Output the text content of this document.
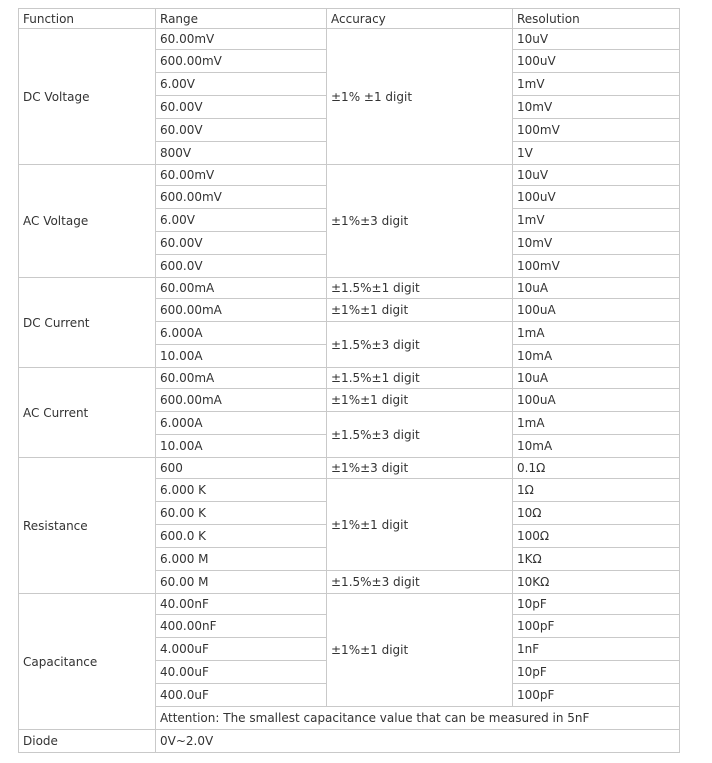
Function	Range	Accuracy	Resolution
DC Voltage	60.00mV	±1% ±1 digit	10uV
	600.00mV		100uV
	6.00V		1mV
	60.00V		10mV
	60.00V		100mV
	800V		1V
AC Voltage	60.00mV	±1%±3 digit	10uV
	600.00mV		100uV
	6.00V		1mV
	60.00V		10mV
	600.0V		100mV
DC Current	60.00mA	±1.5%±1 digit	10uA
	600.00mA	±1%±1 digit	100uA
	6.000A	±1.5%±3 digit	1mA
	10.00A		10mA
AC Current	60.00mA	±1.5%±1 digit	10uA
	600.00mA	±1%±1 digit	100uA
	6.000A	±1.5%±3 digit	1mA
	10.00A		10mA
Resistance	600	±1%±3 digit	0.1Ω
	6.000 K	±1%±1 digit	1Ω
	60.00 K		10Ω
	600.0 K		100Ω
	6.000 M		1KΩ
	60.00 M	±1.5%±3 digit	10KΩ
Capacitance	40.00nF	±1%±1 digit	10pF
	400.00nF		100pF
	4.000uF		1nF
	40.00uF		10pF
	400.0uF		100pF
	Attention: The smallest capacitance value that can be measured in 5nF		
Diode	0V~2.0V		
